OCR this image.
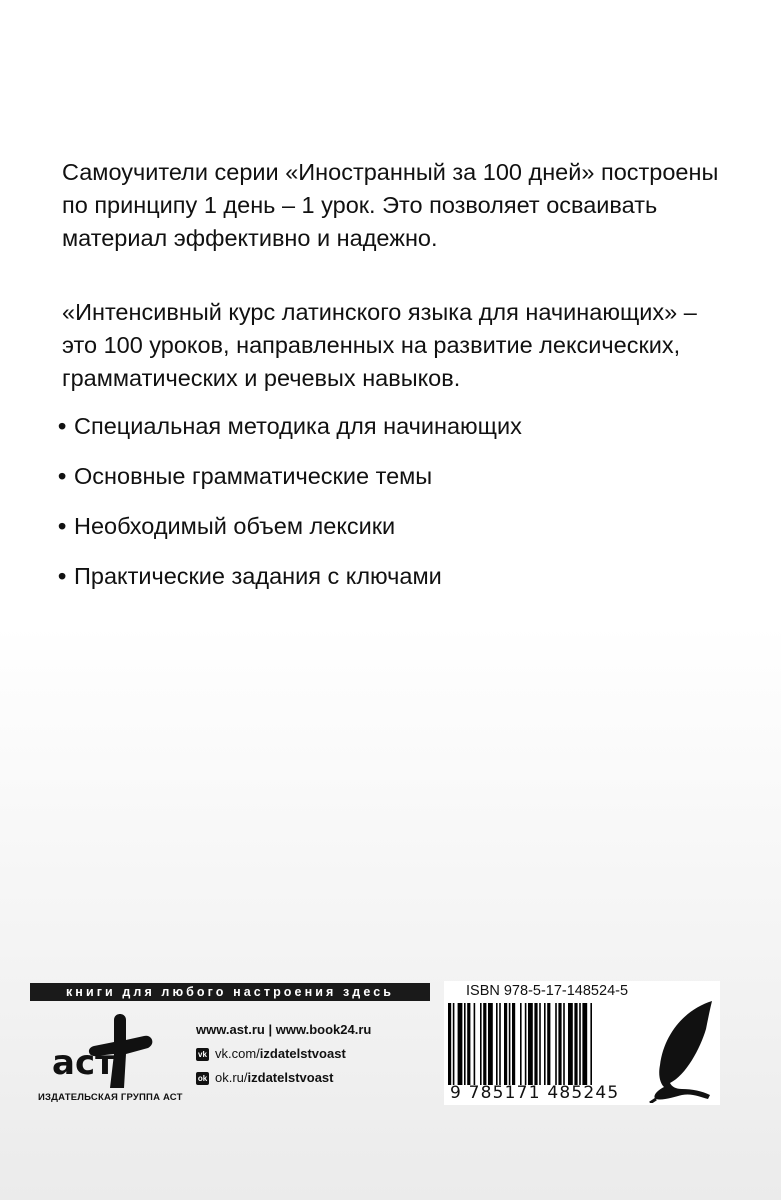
Самоучители серии «Иностранный за 100 дней» построены
по принципу 1 день – 1 урок. Это позволяет осваивать
материал эффективно и надежно.
«Интенсивный курс латинского языка для начинающих» –
это 100 уроков, направленных на развитие лексических,
грамматических и речевых навыков.
• Специальная методика для начинающих
• Основные грамматические темы
• Необходимый объем лексики
• Практические задания с ключами
книги для любого настроения здесь
аст
ИЗДАТЕЛЬСКАЯ ГРУППА АСТ
www.ast.ru | www.book24.ru
vk vk.com/izdatelstvoast
ok ok.ru/izdatelstvoast
ISBN 978-5-17-148524-5
9 785171 485245
